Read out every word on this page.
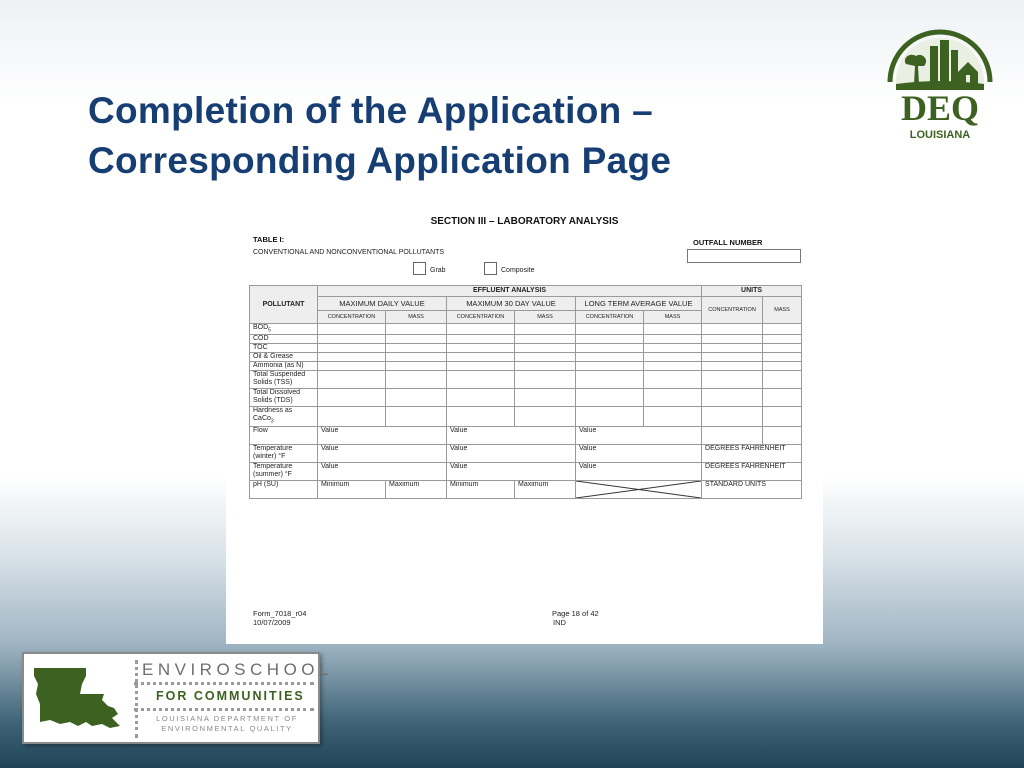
Completion of the Application –
Corresponding Application Page
DEQ
LOUISIANA
SECTION III – LABORATORY ANALYSIS
TABLE I:
CONVENTIONAL AND NONCONVENTIONAL POLLUTANTS
OUTFALL NUMBER
Grab	Composite
POLLUTANT	EFFLUENT ANALYSIS						UNITS	
	MAXIMUM DAILY VALUE		MAXIMUM 30 DAY VALUE		LONG TERM AVERAGE VALUE		CONCENTRATION	MASS
	CONCENTRATION	MASS	CONCENTRATION	MASS	CONCENTRATION	MASS		
$BOD_5$								
COD								
TOC								
Oil & Grease								
Ammonia (as N)								

Total Suspended
Solids (TSS)								

Total Dissolved
Solids (TDS)								

Hardness as
CaCo$_3$

Flow	Value		Value		Value			

Temperature
(winter) °F	Value		Value		Value		DEGREES FAHRENHEIT	

Temperature
(summer) °F	Value		Value		Value		DEGREES FAHRENHEIT	
pH (SU)	Minimum	Maximum	Minimum	Maximum			STANDARD UNITS	
Form_7018_r04
10/07/2009
Page 18 of 42
IND
ENVIROSCHOOL
FOR COMMUNITIES
LOUISIANA DEPARTMENT OF
ENVIRONMENTAL QUALITY
